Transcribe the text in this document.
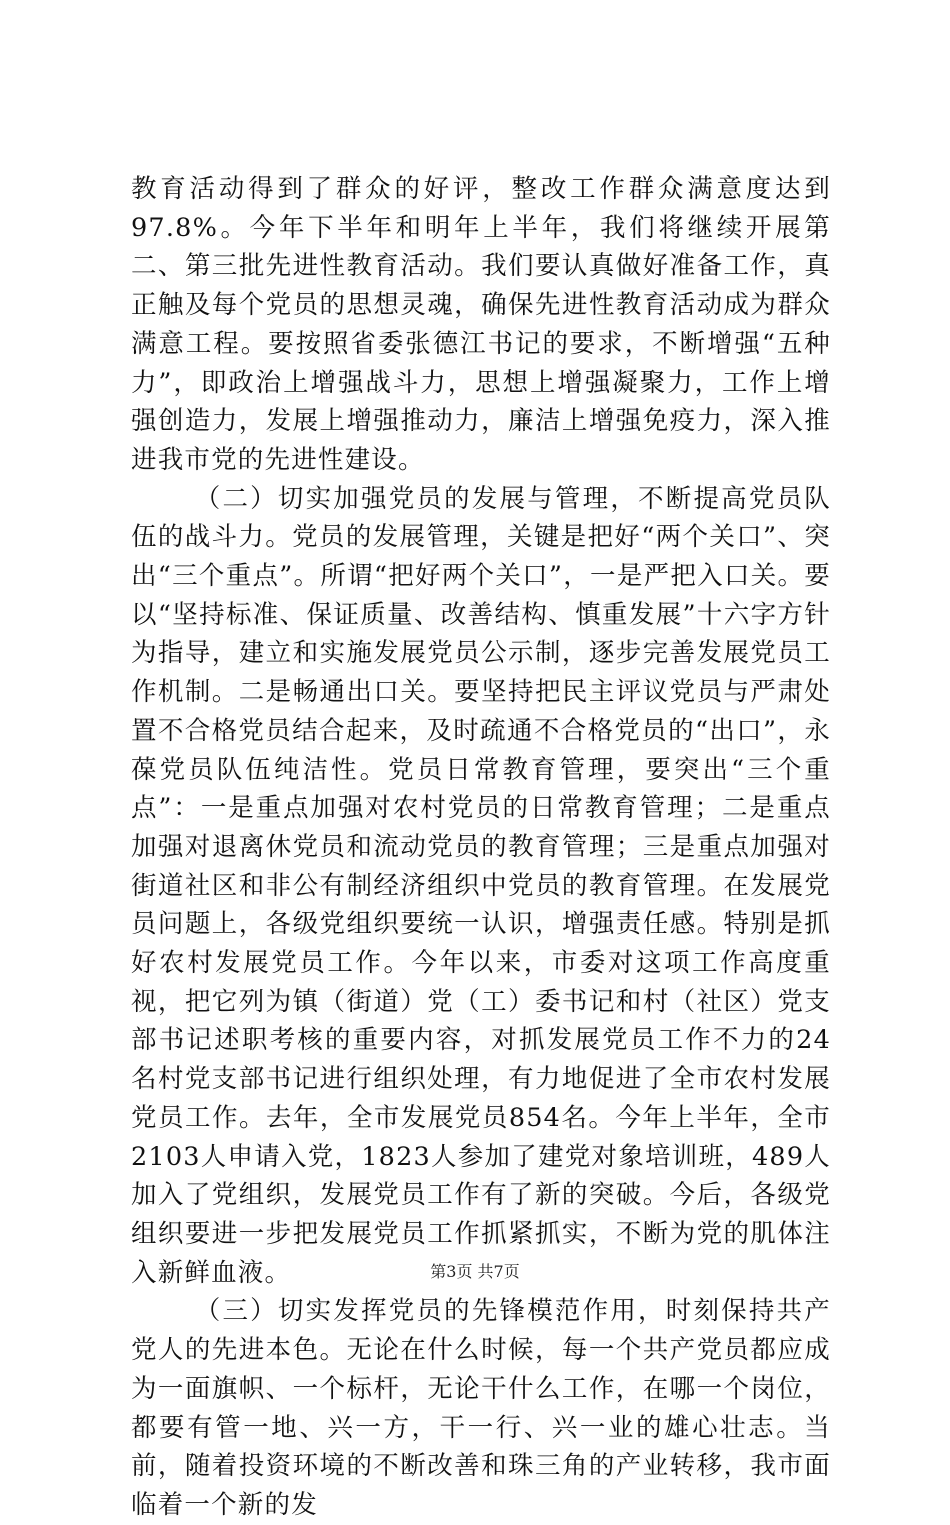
教育活动得到了群众的好评，整改工作群众满意度达到97.8%。今年下半年和明年上半年，我们将继续开展第二、第三批先进性教育活动。我们要认真做好准备工作，真正触及每个党员的思想灵魂，确保先进性教育活动成为群众满意工程。要按照省委张德江书记的要求，不断增强“五种力”，即政治上增强战斗力，思想上增强凝聚力，工作上增强创造力，发展上增强推动力，廉洁上增强免疫力，深入推进我市党的先进性建设。

（二）切实加强党员的发展与管理，不断提高党员队伍的战斗力。党员的发展管理，关键是把好“两个关口”、突出“三个重点”。所谓“把好两个关口”，一是严把入口关。要以“坚持标准、保证质量、改善结构、慎重发展”十六字方针为指导，建立和实施发展党员公示制，逐步完善发展党员工作机制。二是畅通出口关。要坚持把民主评议党员与严肃处置不合格党员结合起来，及时疏通不合格党员的“出口”，永葆党员队伍纯洁性。党员日常教育管理，要突出“三个重点”：一是重点加强对农村党员的日常教育管理；二是重点加强对退离休党员和流动党员的教育管理；三是重点加强对街道社区和非公有制经济组织中党员的教育管理。在发展党员问题上，各级党组织要统一认识，增强责任感。特别是抓好农村发展党员工作。今年以来，市委对这项工作高度重视，把它列为镇（街道）党（工）委书记和村（社区）党支部书记述职考核的重要内容，对抓发展党员工作不力的24名村党支部书记进行组织处理，有力地促进了全市农村发展党员工作。去年，全市发展党员854名。今年上半年，全市2103人申请入党，1823人参加了建党对象培训班，489人加入了党组织，发展党员工作有了新的突破。今后，各级党组织要进一步把发展党员工作抓紧抓实，不断为党的肌体注入新鲜血液。

（三）切实发挥党员的先锋模范作用，时刻保持共产党人的先进本色。无论在什么时候，每一个共产党员都应成为一面旗帜、一个标杆，无论干什么工作，在哪一个岗位，都要有管一地、兴一方，干一行、兴一业的雄心壮志。当前，随着投资环境的不断改善和珠三角的产业转移，我市面临着一个新的发

第3页 共7页
